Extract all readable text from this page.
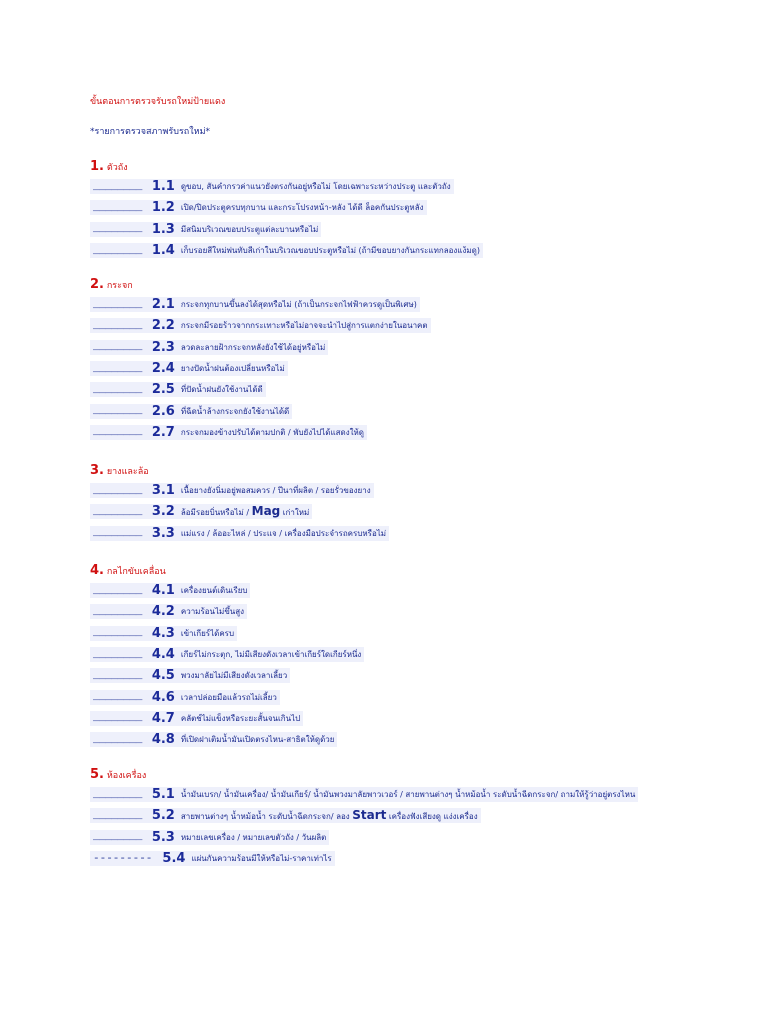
ขั้นตอนการตรวจรับรถใหม่ป้ายแดง
*รายการตรวจสภาพรับรถใหม่*
1. ตัวถัง
________ 1.1 ดูขอบ, สันคำกรวค่าแนวยังตรงกันอยู่หรือไม่ โดยเฉพาะระหว่างประตู และตัวถัง
________ 1.2 เปิด/ปิดประตูครบทุกบาน และกระโปรงหน้า-หลัง ได้ดี ล็อคกันประตูหลัง
________ 1.3 มีสนิมบริเวณขอบประตูแต่ละบานหรือไม่
________ 1.4 เก็บรอยสีใหม่พ่นทับสีเก่าในบริเวณขอบประตูหรือไม่ (ถ้ามีขอบยางกันกระแทกลองแง้มดู)
2. กระจก
________ 2.1 กระจกทุกบานขึ้นลงได้สุดหรือไม่ (ถ้าเป็นกระจกไฟฟ้าควรดูเป็นพิเศษ)
________ 2.2 กระจกมีรอยร้าวจากกระเทาะหรือไม่อาจจะนำไปสู่การแตกง่ายในอนาคต
________ 2.3 ลวดละลายฝ้ากระจกหลังยังใช้ได้อยู่หรือไม่
________ 2.4 ยางปัดน้ำฝนต้องเปลี่ยนหรือไม่
________ 2.5 ที่ปัดน้ำฝนยังใช้งานได้ดี
________ 2.6 ที่ฉีดน้ำล้างกระจกยังใช้งานได้ดี
________ 2.7 กระจกมองข้างปรับได้ตามปกติ / พับยังไปได้แสดงให้ดู
3. ยางและล้อ
________ 3.1 เนื้อยางยังนิ่มอยู่พอสมควร / ปีนาที่ผลิต / รอยรั่วของยาง
________ 3.2 ล้อมีรอยบิ่นหรือไม่ / Mag เก่าใหม่
________ 3.3 แม่แรง / ล้ออะไหล่ / ประแจ / เครื่องมือประจำรถครบหรือไม่
4. กลไกขับเคลื่อน
________ 4.1 เครื่องยนต์เดินเรียบ
________ 4.2 ความร้อนไม่ขึ้นสูง
________ 4.3 เข้าเกียร์ได้ครบ
________ 4.4 เกียร์ไม่กระตุก, ไม่มีเสียงดังเวลาเข้าเกียร์ใดเกียร์หนึ่ง
________ 4.5 พวงมาลัยไม่มีเสียงดังเวลาเลี้ยว
________ 4.6 เวลาปล่อยมือแล้วรถไม่เลี้ยว
________ 4.7 คลัตช์ไม่แข็งหรือระยะสั้นจนเกินไป
________ 4.8 ที่เปิดฝาเติมน้ำมันเปิดตรงไหน-สาธิตให้ดูด้วย
5. ห้องเครื่อง
________ 5.1 น้ำมันเบรก/ น้ำมันเครื่อง/ น้ำมันเกียร์/ น้ำมันพวงมาลัยพาวเวอร์ / สายพานต่างๆ น้ำหม้อน้ำ ระดับน้ำฉีดกระจก/ ถามให้รู้ว่าอยู่ตรงไหน
________ 5.2 สายพานต่างๆ น้ำหม้อน้ำ ระดับน้ำฉีดกระจก/ ลอง Start เครื่องฟังเสียงดู แง่งเครื่อง
________ 5.3 หมายเลขเครื่อง / หมายเลขตัวถัง / วันผลิต
--------- 5.4 แผ่นกันความร้อนมีให้หรือไม่-ราคาเท่าไร
